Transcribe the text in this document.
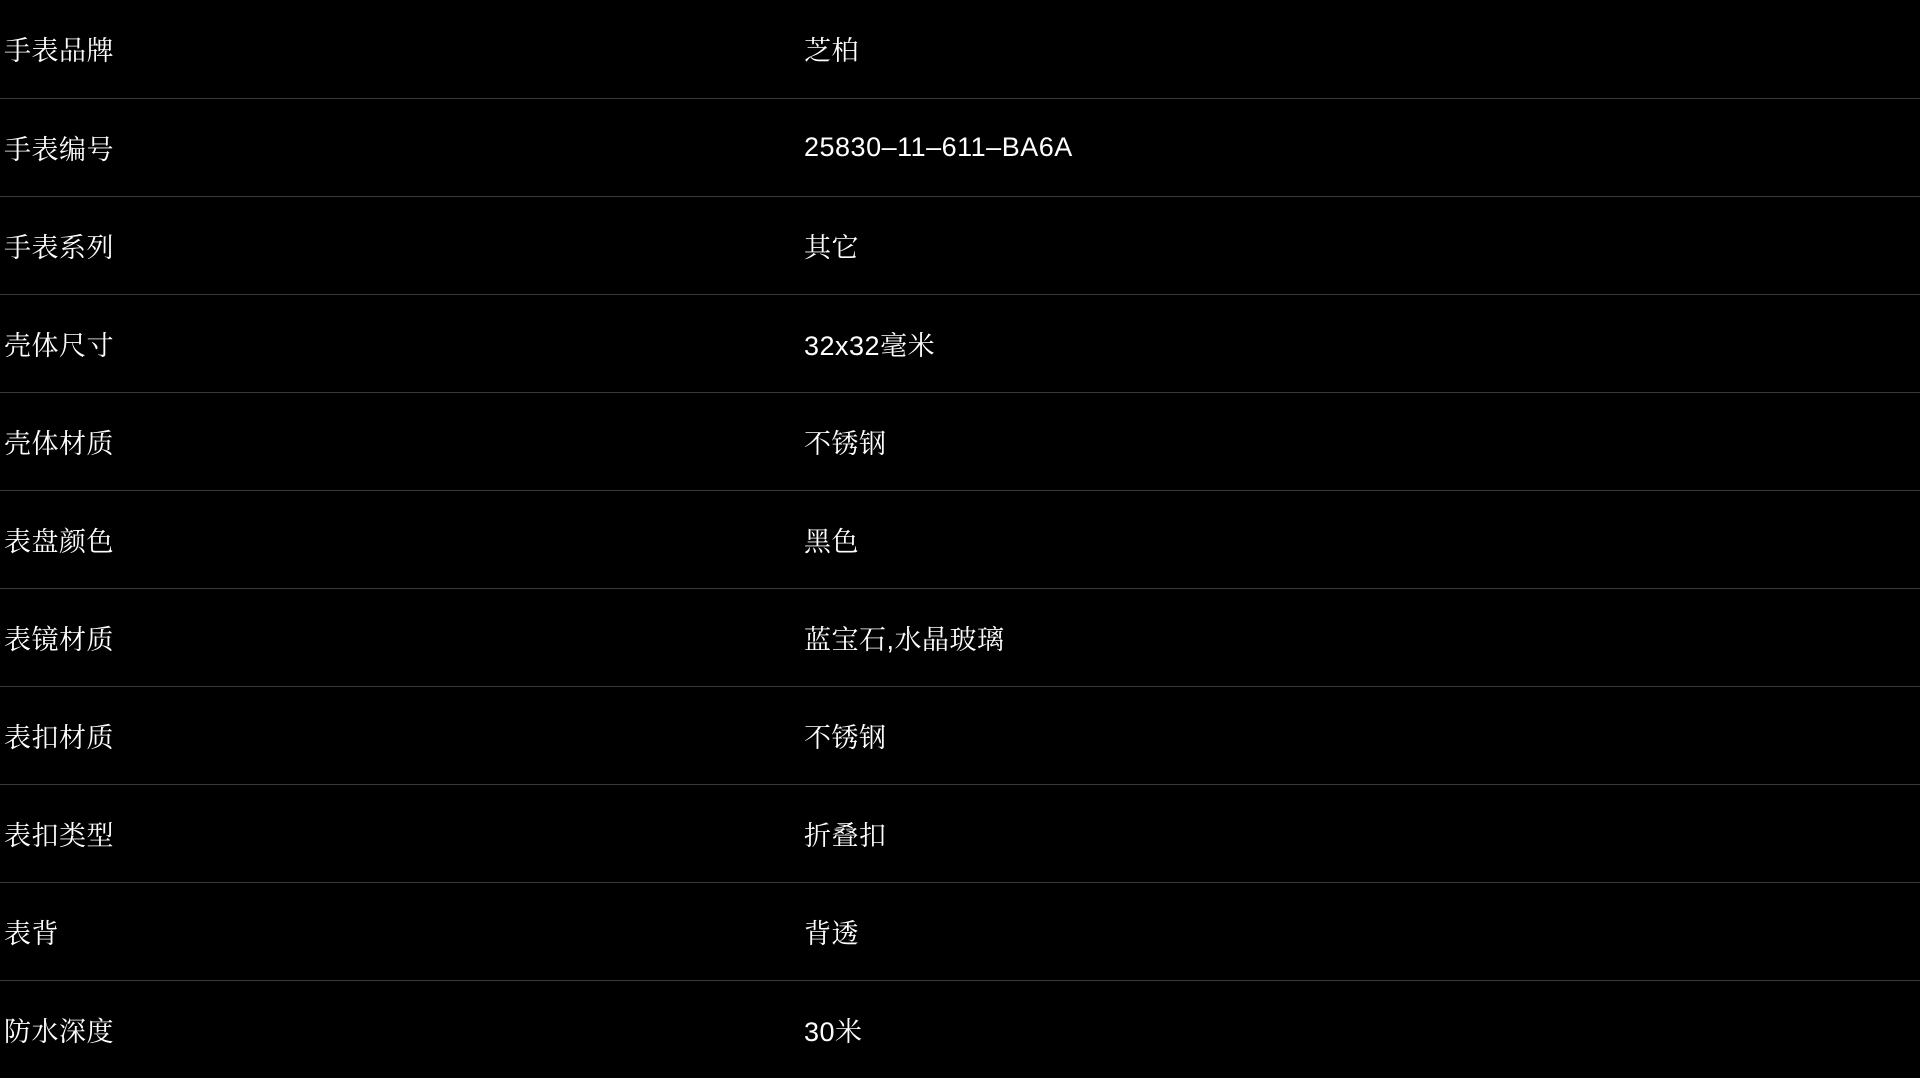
手表品牌	芝柏
手表编号	25830–11–611–BA6A
手表系列	其它
壳体尺寸	32x32毫米
壳体材质	不锈钢
表盘颜色	黑色
表镜材质	蓝宝石,水晶玻璃
表扣材质	不锈钢
表扣类型	折叠扣
表背	背透
防水深度	30米
